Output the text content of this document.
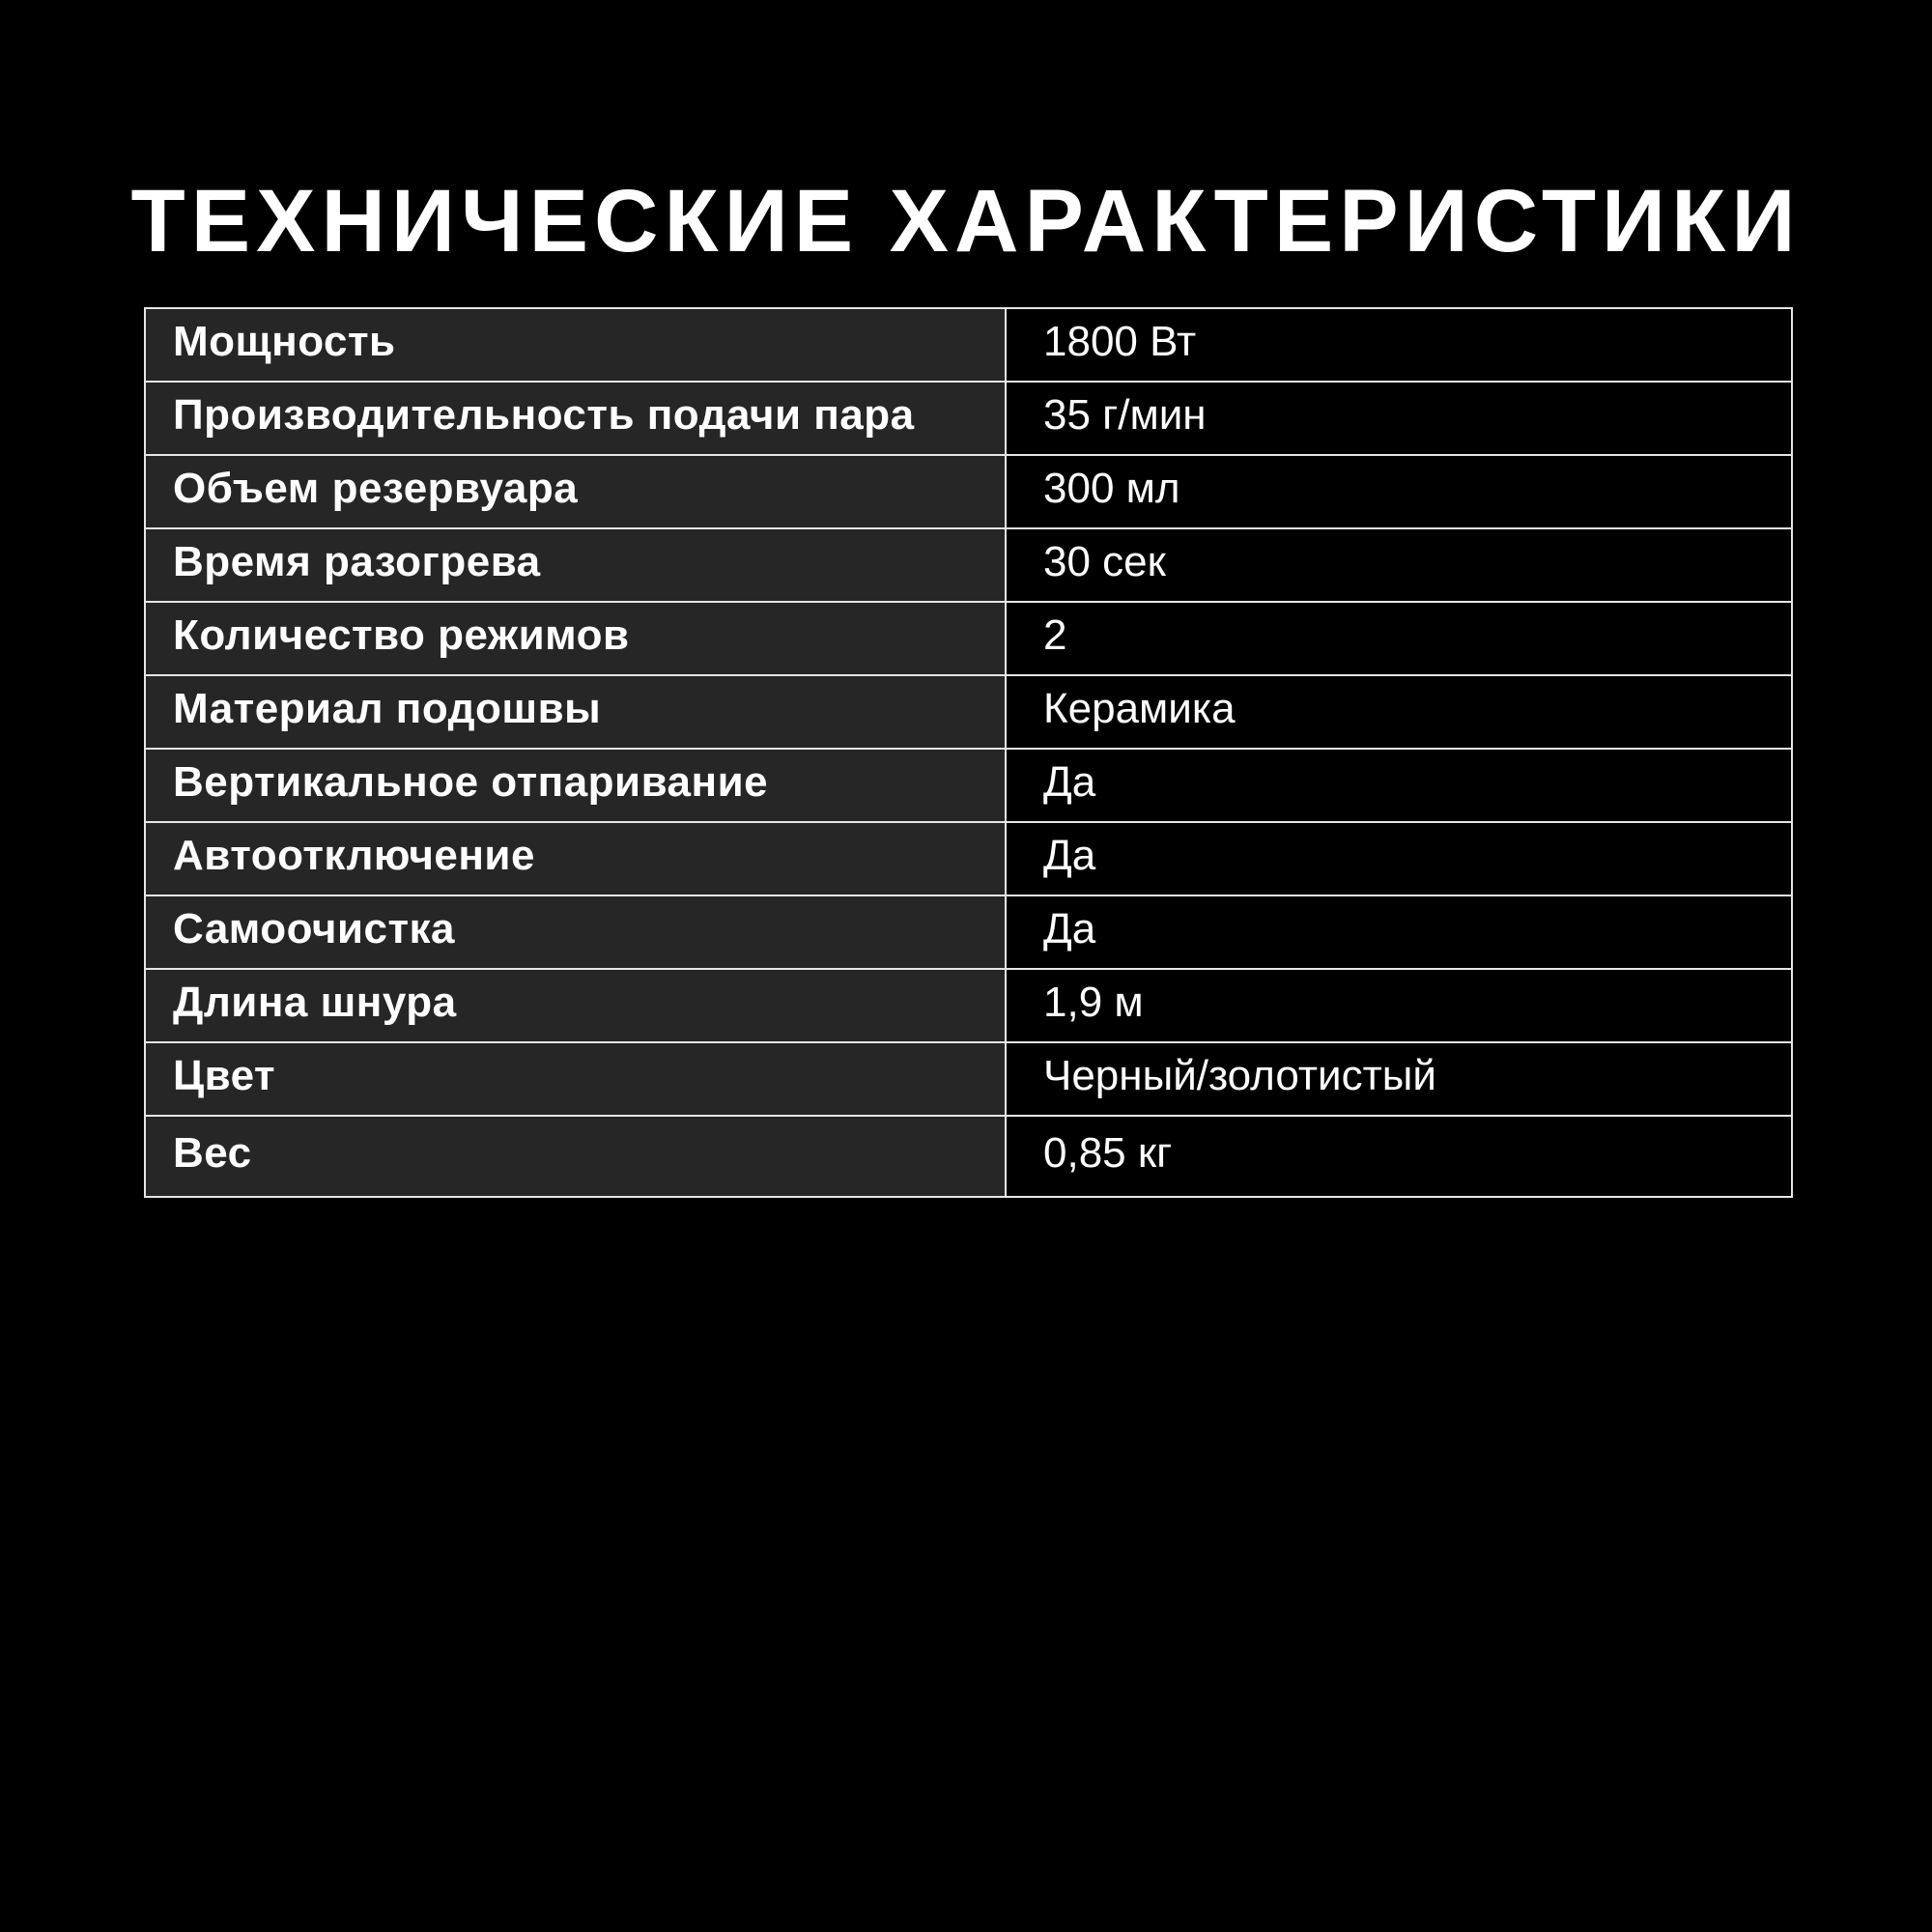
ТЕХНИЧЕСКИЕ ХАРАКТЕРИСТИКИ
Мощность	1800 Вт
Производительность подачи пара	35 г/мин
Объем резервуара	300 мл
Время разогрева	30 сек
Количество режимов	2
Материал подошвы	Керамика
Вертикальное отпаривание	Да
Автоотключение	Да
Самоочистка	Да
Длина шнура	1,9 м
Цвет	Черный/золотистый
Вес	0,85 кг
